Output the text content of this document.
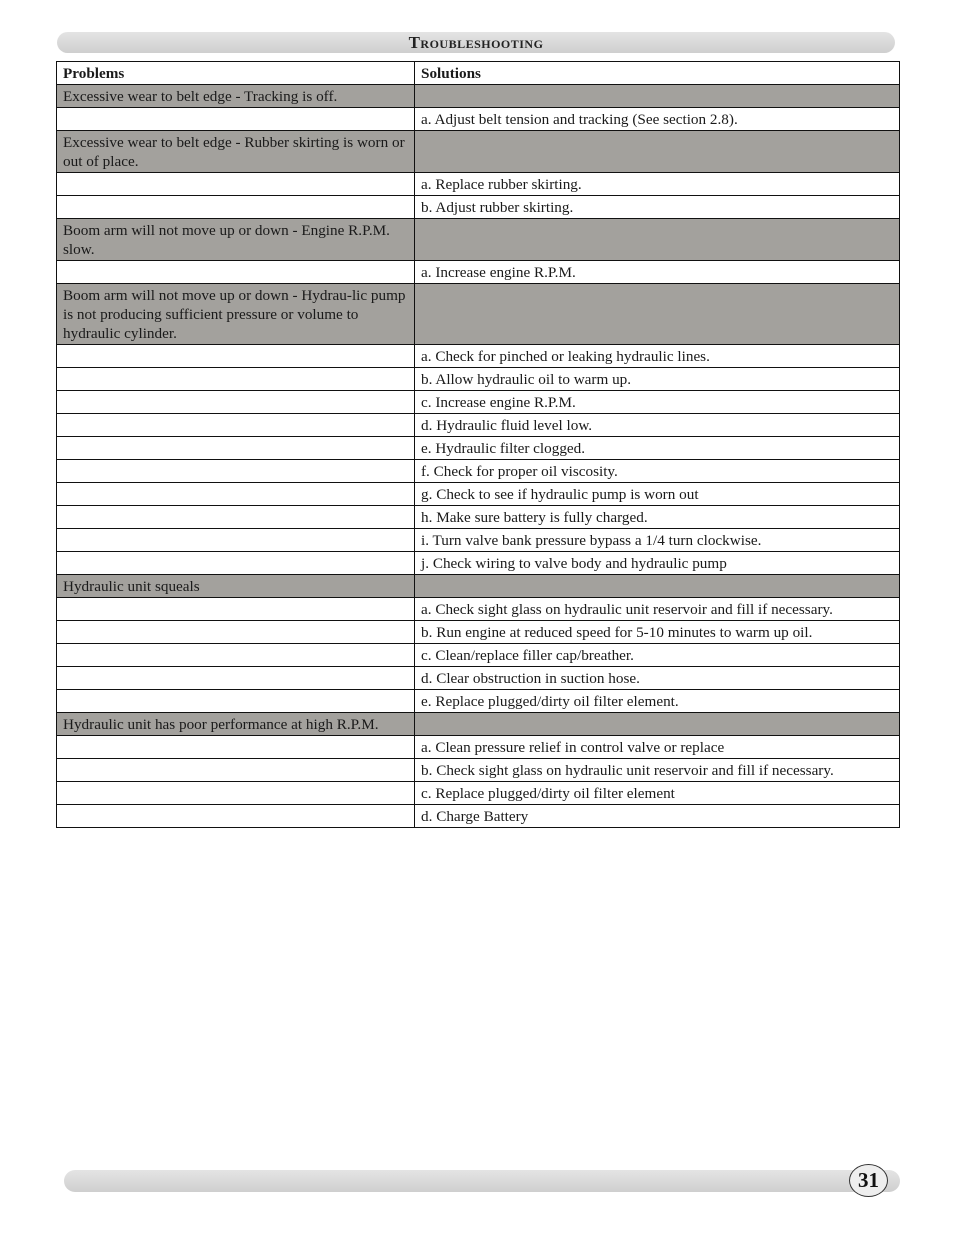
Troubleshooting
Problems	Solutions
Excessive wear to belt edge - Tracking is off.	
	a. Adjust belt tension and tracking (See section 2.8).
Excessive wear to belt edge - Rubber skirting is worn or out of place.	
	a. Replace rubber skirting.
	b. Adjust rubber skirting.
Boom arm will not move up or down - Engine R.P.M. slow.	
	a. Increase engine R.P.M.
Boom arm will not move up or down - Hydrau-lic pump is not producing sufficient pressure or volume to hydraulic cylinder.	
	a. Check for pinched or leaking hydraulic lines.
	b. Allow hydraulic oil to warm up.
	c. Increase engine R.P.M.
	d. Hydraulic fluid level low.
	e. Hydraulic filter clogged.
	f. Check for proper oil viscosity.
	g. Check to see if hydraulic pump is worn out
	h. Make sure battery is fully charged.
	i. Turn valve bank pressure bypass a 1/4 turn clockwise.
	j. Check wiring to valve body and hydraulic pump
Hydraulic unit squeals	
	a. Check sight glass on hydraulic unit reservoir and fill if necessary.
	b. Run engine at reduced speed for 5-10 minutes to warm up oil.
	c. Clean/replace filler cap/breather.
	d. Clear obstruction in suction hose.
	e. Replace plugged/dirty oil filter element.
Hydraulic unit has poor performance at high R.P.M.	
	a. Clean pressure relief in control valve or replace
	b. Check sight glass on hydraulic unit reservoir and fill if necessary.
	c. Replace plugged/dirty oil filter element
	d. Charge Battery
31
